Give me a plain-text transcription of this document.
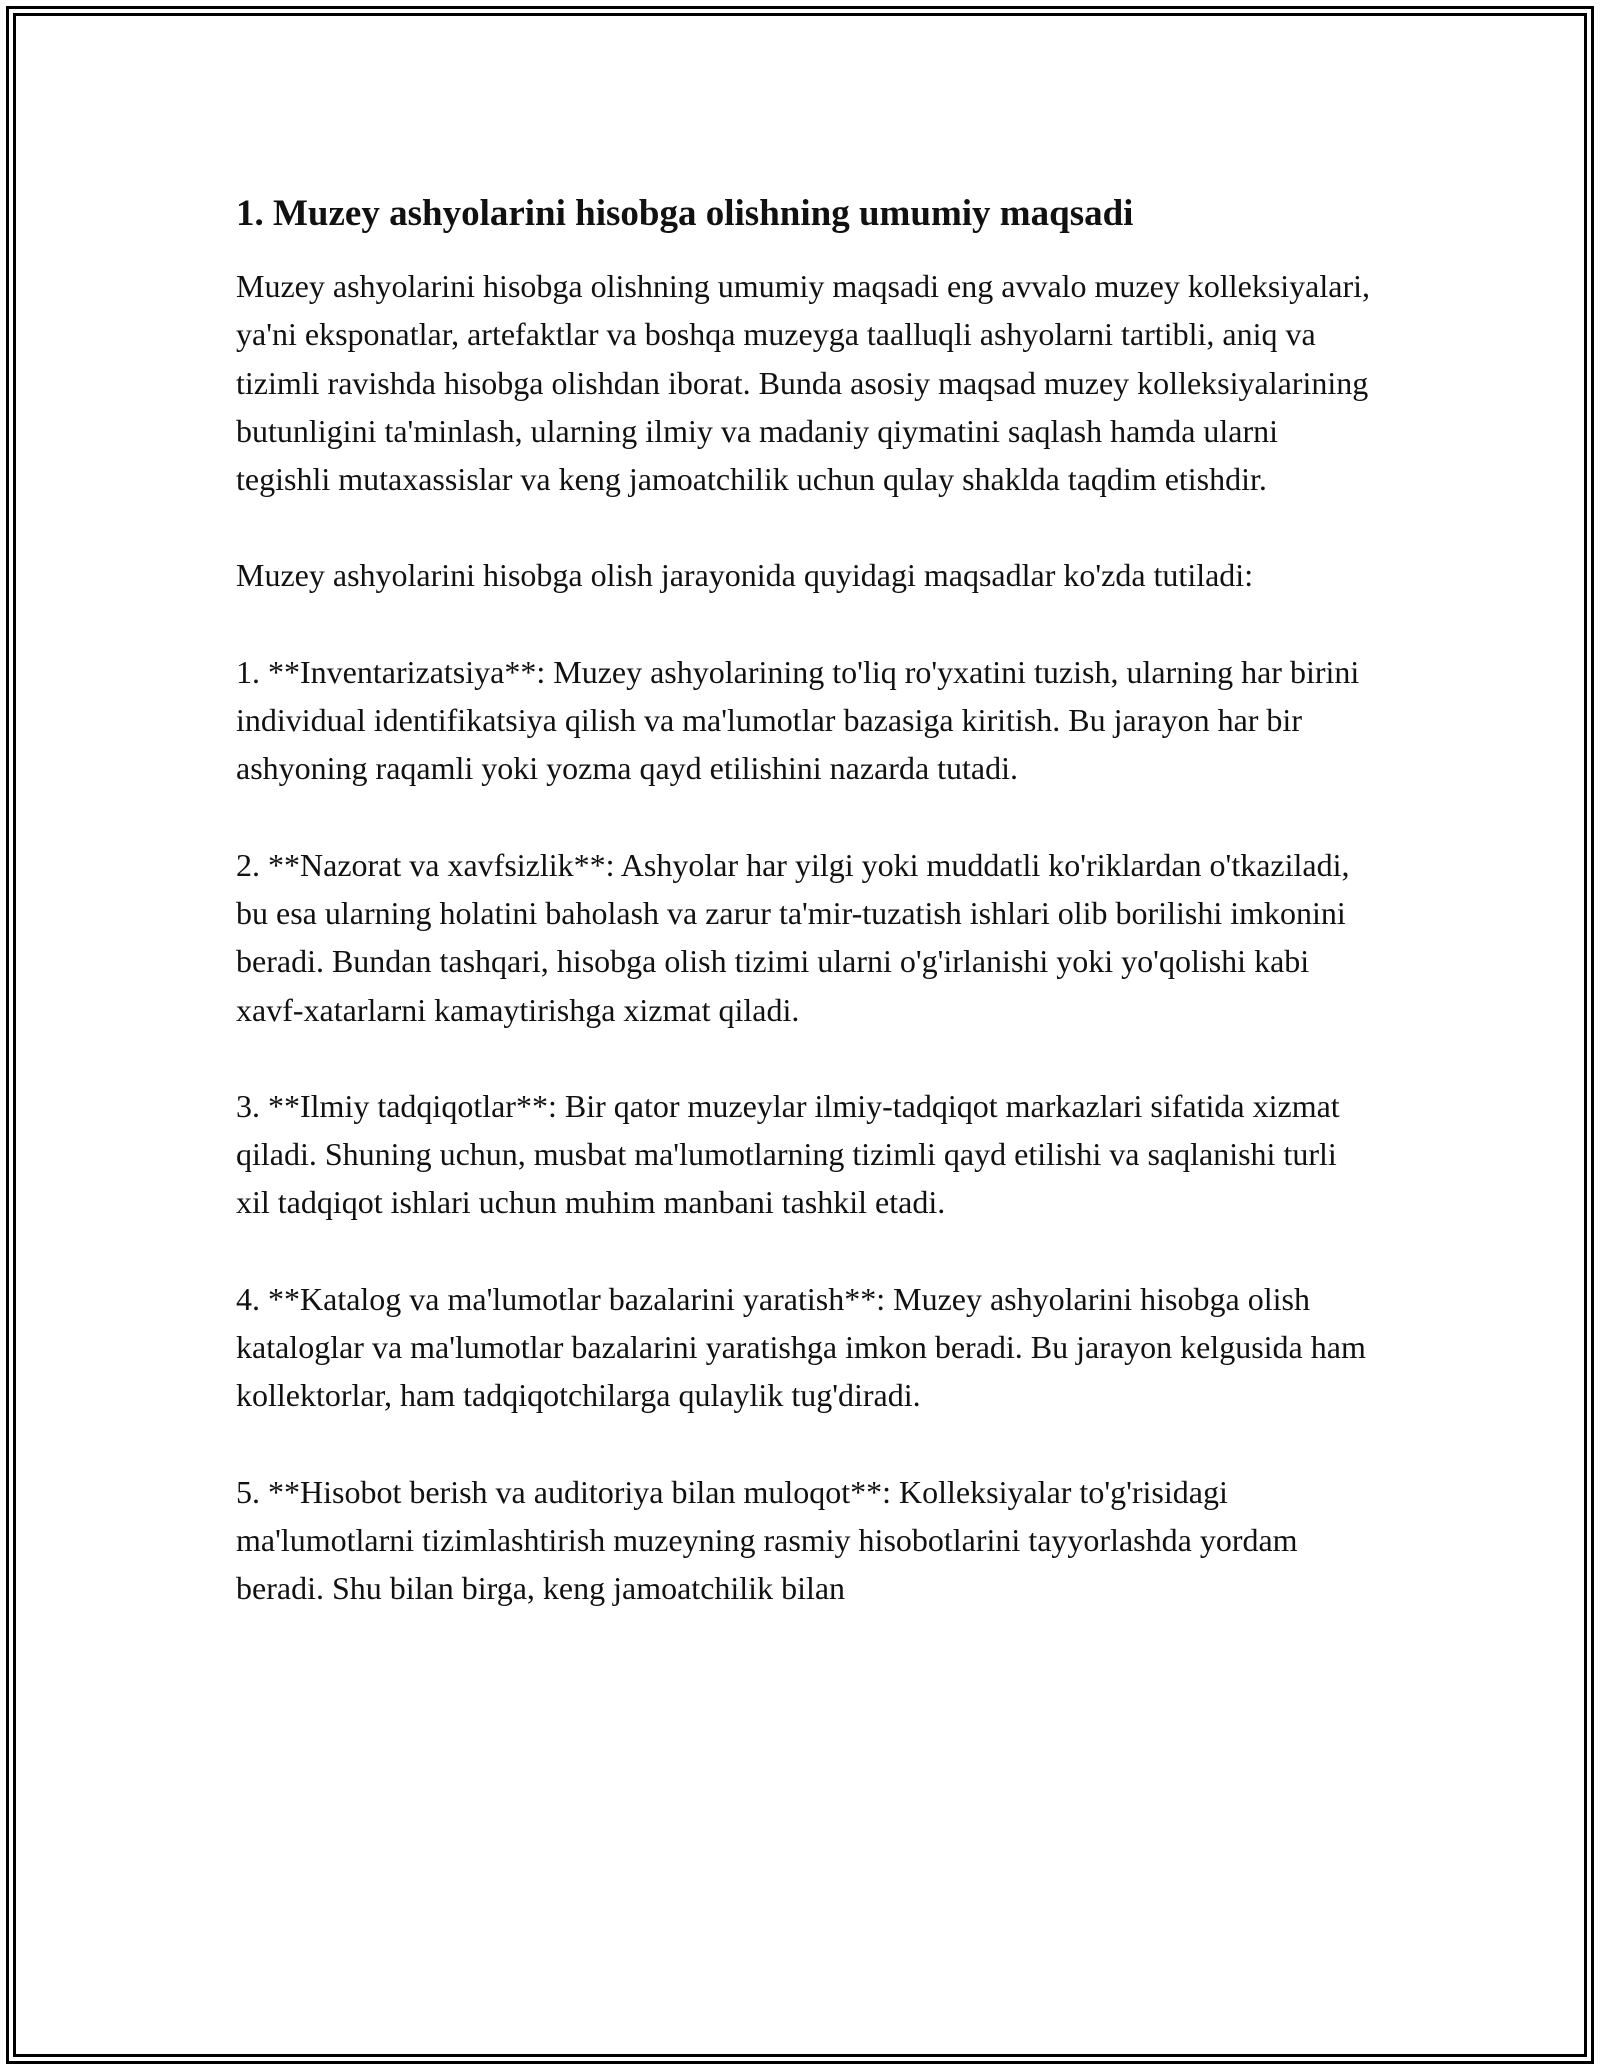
1. Muzey ashyolarini hisobga olishning umumiy maqsadi

Muzey ashyolarini hisobga olishning umumiy maqsadi eng avvalo muzey kolleksiyalari, ya'ni eksponatlar, artefaktlar va boshqa muzeyga taalluqli ashyolarni tartibli, aniq va tizimli ravishda hisobga olishdan iborat. Bunda asosiy maqsad muzey kolleksiyalarining butunligini ta'minlash, ularning ilmiy va madaniy qiymatini saqlash hamda ularni tegishli mutaxassislar va keng jamoatchilik uchun qulay shaklda taqdim etishdir.

Muzey ashyolarini hisobga olish jarayonida quyidagi maqsadlar ko'zda tutiladi:

1. **Inventarizatsiya**: Muzey ashyolarining to'liq ro'yxatini tuzish, ularning har birini individual identifikatsiya qilish va ma'lumotlar bazasiga kiritish. Bu jarayon har bir ashyoning raqamli yoki yozma qayd etilishini nazarda tutadi.

2. **Nazorat va xavfsizlik**: Ashyolar har yilgi yoki muddatli ko'riklardan o'tkaziladi, bu esa ularning holatini baholash va zarur ta'mir-tuzatish ishlari olib borilishi imkonini beradi. Bundan tashqari, hisobga olish tizimi ularni o'g'irlanishi yoki yo'qolishi kabi xavf-xatarlarni kamaytirishga xizmat qiladi.

3. **Ilmiy tadqiqotlar**: Bir qator muzeylar ilmiy-tadqiqot markazlari sifatida xizmat qiladi. Shuning uchun, musbat ma'lumotlarning tizimli qayd etilishi va saqlanishi turli xil tadqiqot ishlari uchun muhim manbani tashkil etadi.

4. **Katalog va ma'lumotlar bazalarini yaratish**: Muzey ashyolarini hisobga olish kataloglar va ma'lumotlar bazalarini yaratishga imkon beradi. Bu jarayon kelgusida ham kollektorlar, ham tadqiqotchilarga qulaylik tug'diradi.

5. **Hisobot berish va auditoriya bilan muloqot**: Kolleksiyalar to'g'risidagi ma'lumotlarni tizimlashtirish muzeyning rasmiy hisobotlarini tayyorlashda yordam beradi. Shu bilan birga, keng jamoatchilik bilan
